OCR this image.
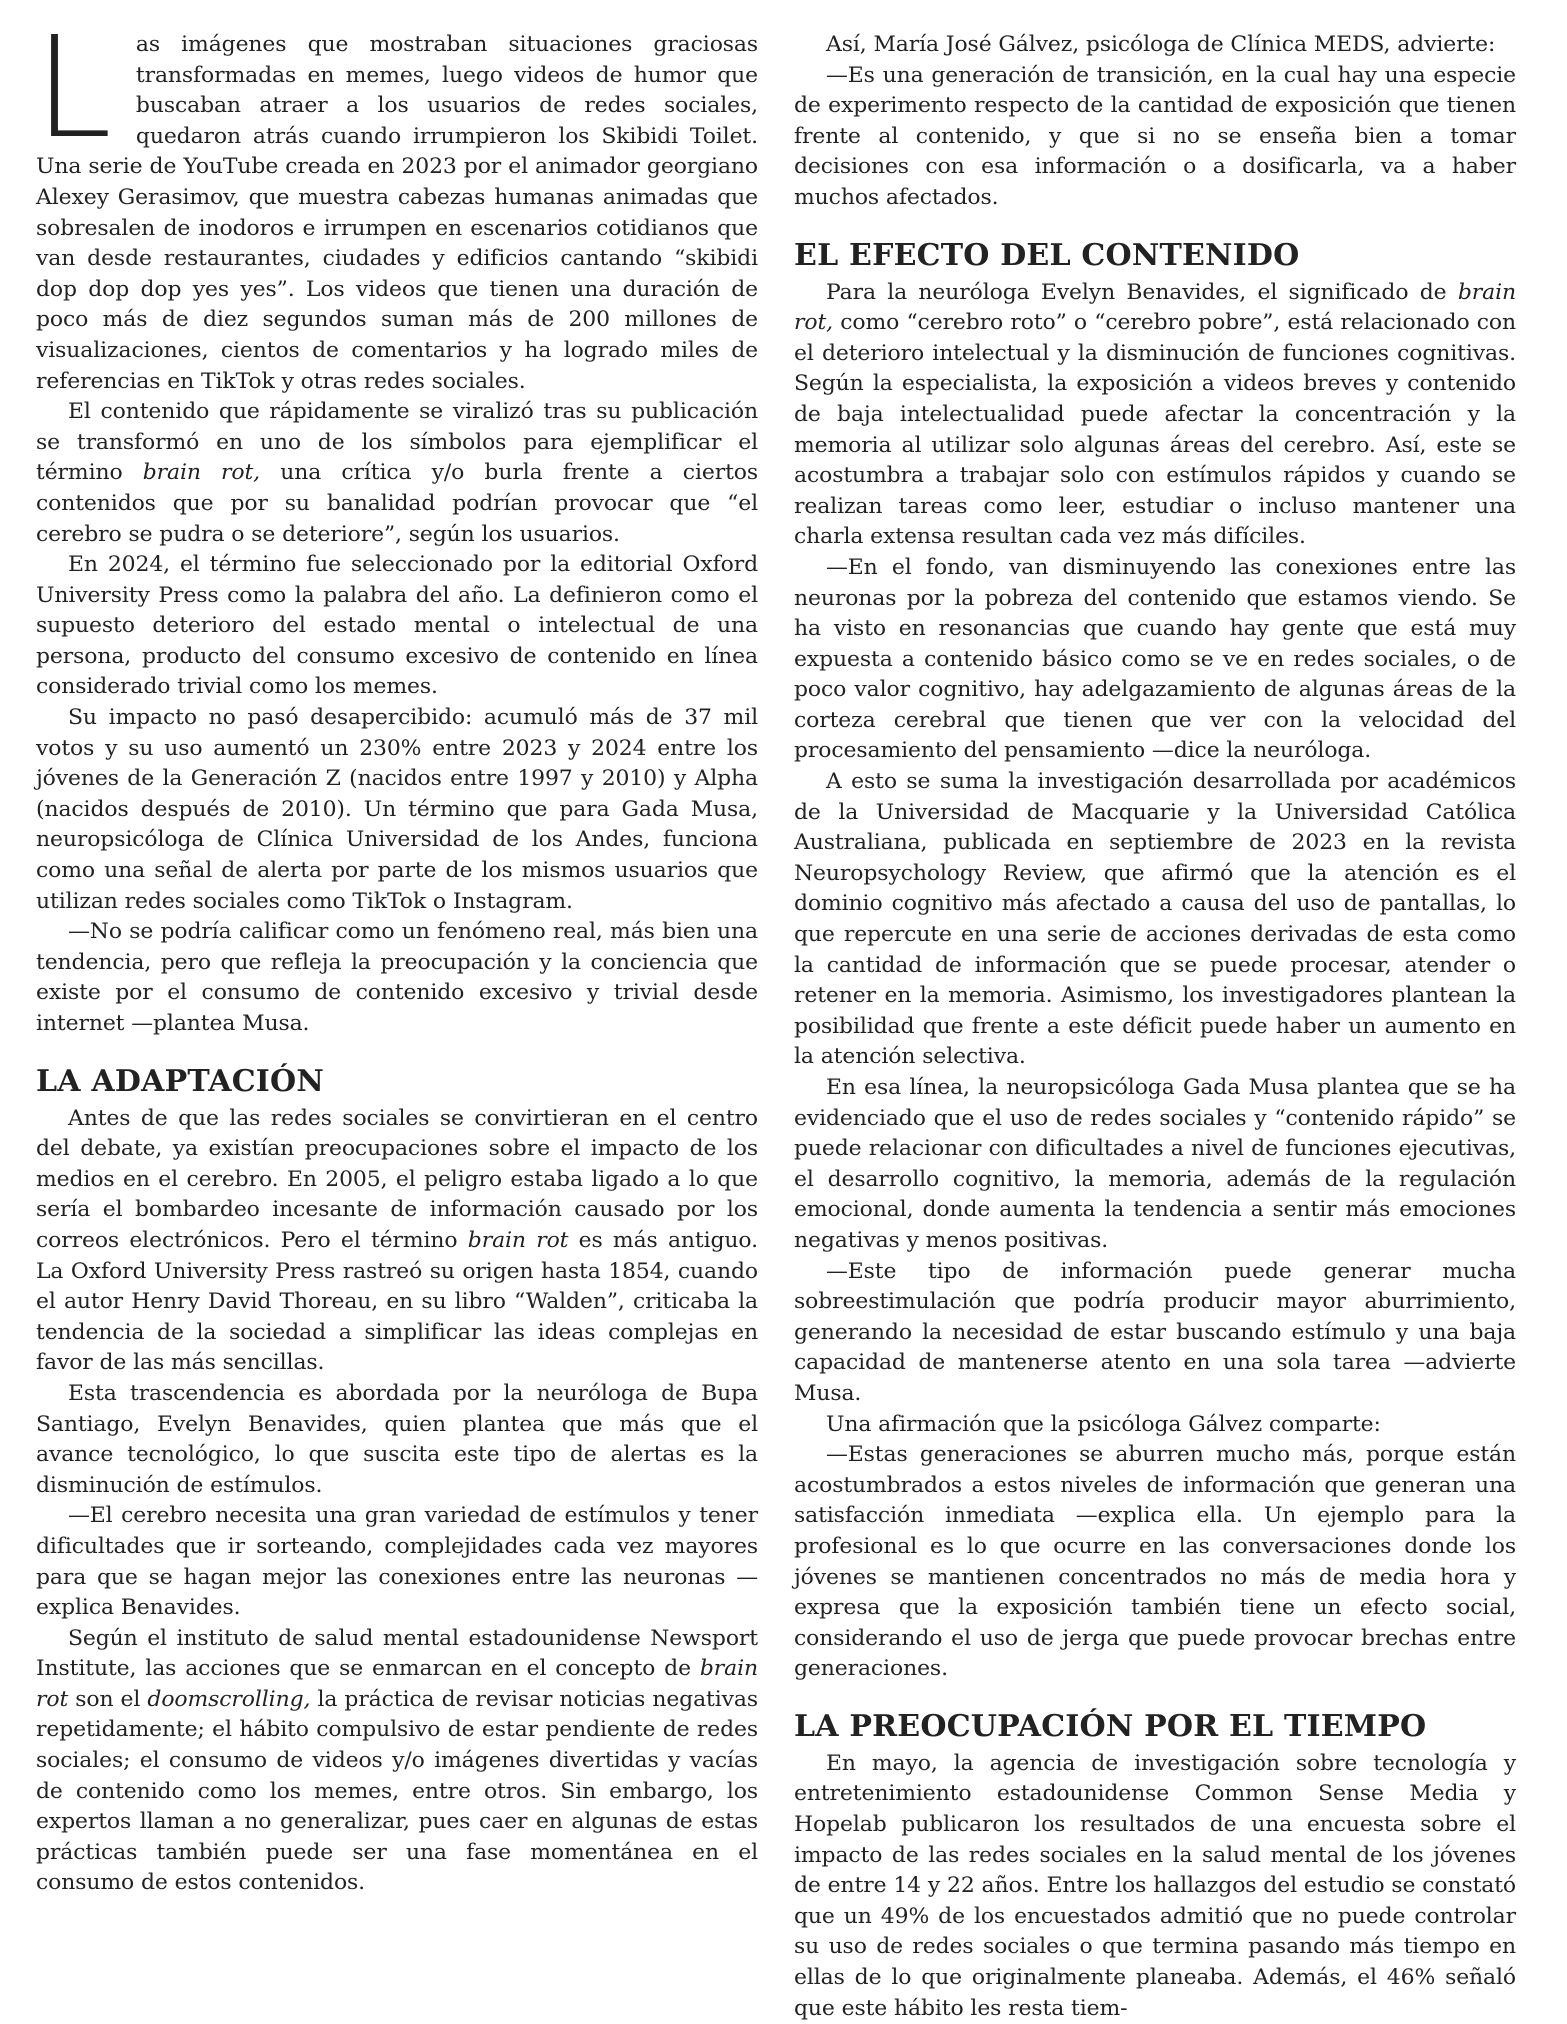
L as imágenes que mostraban situaciones graciosas transformadas en memes, luego videos de humor que buscaban atraer a los usuarios de redes sociales, quedaron atrás cuando irrumpieron los Skibidi Toilet. Una serie de YouTube creada en 2023 por el animador georgiano Alexey Gerasimov, que muestra cabezas humanas animadas que sobresalen de inodoros e irrumpen en escenarios cotidianos que van desde restaurantes, ciudades y edificios cantando “skibidi dop dop dop yes yes”. Los videos que tienen una duración de poco más de diez segundos suman más de 200 millones de visualizaciones, cientos de comentarios y ha logrado miles de referencias en TikTok y otras redes sociales.

El contenido que rápidamente se viralizó tras su publicación se transformó en uno de los símbolos para ejemplificar el término brain rot, una crítica y/o burla frente a ciertos contenidos que por su banalidad podrían provocar que “el cerebro se pudra o se deteriore”, según los usuarios.

En 2024, el término fue seleccionado por la editorial Oxford University Press como la palabra del año. La definieron como el supuesto deterioro del estado mental o intelectual de una persona, producto del consumo excesivo de contenido en línea considerado trivial como los memes.

Su impacto no pasó desapercibido: acumuló más de 37 mil votos y su uso aumentó un 230% entre 2023 y 2024 entre los jóvenes de la Generación Z (nacidos entre 1997 y 2010) y Alpha (nacidos después de 2010). Un término que para Gada Musa, neuropsicóloga de Clínica Universidad de los Andes, funciona como una señal de alerta por parte de los mismos usuarios que utilizan redes sociales como TikTok o Instagram.

—No se podría calificar como un fenómeno real, más bien una tendencia, pero que refleja la preocupación y la conciencia que existe por el consumo de contenido excesivo y trivial desde internet —plantea Musa.

LA ADAPTACIÓN

Antes de que las redes sociales se convirtieran en el centro del debate, ya existían preocupaciones sobre el impacto de los medios en el cerebro. En 2005, el peligro estaba ligado a lo que sería el bombardeo incesante de información causado por los correos electrónicos. Pero el término brain rot es más antiguo. La Oxford University Press rastreó su origen hasta 1854, cuando el autor Henry David Thoreau, en su libro “Walden”, criticaba la tendencia de la sociedad a simplificar las ideas complejas en favor de las más sencillas.

Esta trascendencia es abordada por la neuróloga de Bupa Santiago, Evelyn Benavides, quien plantea que más que el avance tecnológico, lo que suscita este tipo de alertas es la disminución de estímulos.

—El cerebro necesita una gran variedad de estímulos y tener dificultades que ir sorteando, complejidades cada vez mayores para que se hagan mejor las conexiones entre las neuronas —explica Benavides.

Según el instituto de salud mental estadounidense Newsport Institute, las acciones que se enmarcan en el concepto de brain rot son el doomscrolling, la práctica de revisar noticias negativas repetidamente; el hábito compulsivo de estar pendiente de redes sociales; el consumo de videos y/o imágenes divertidas y vacías de contenido como los memes, entre otros. Sin embargo, los expertos llaman a no generalizar, pues caer en algunas de estas prácticas también puede ser una fase momentánea en el consumo de estos contenidos.

Así, María José Gálvez, psicóloga de Clínica MEDS, advierte:

—Es una generación de transición, en la cual hay una especie de experimento respecto de la cantidad de exposición que tienen frente al contenido, y que si no se enseña bien a tomar decisiones con esa información o a dosificarla, va a haber muchos afectados.

EL EFECTO DEL CONTENIDO

Para la neuróloga Evelyn Benavides, el significado de brain rot, como “cerebro roto” o “cerebro pobre”, está relacionado con el deterioro intelectual y la disminución de funciones cognitivas. Según la especialista, la exposición a videos breves y contenido de baja intelectualidad puede afectar la concentración y la memoria al utilizar solo algunas áreas del cerebro. Así, este se acostumbra a trabajar solo con estímulos rápidos y cuando se realizan tareas como leer, estudiar o incluso mantener una charla extensa resultan cada vez más difíciles.

—En el fondo, van disminuyendo las conexiones entre las neuronas por la pobreza del contenido que estamos viendo. Se ha visto en resonancias que cuando hay gente que está muy expuesta a contenido básico como se ve en redes sociales, o de poco valor cognitivo, hay adelgazamiento de algunas áreas de la corteza cerebral que tienen que ver con la velocidad del procesamiento del pensamiento —dice la neuróloga.

A esto se suma la investigación desarrollada por académicos de la Universidad de Macquarie y la Universidad Católica Australiana, publicada en septiembre de 2023 en la revista Neuropsychology Review, que afirmó que la atención es el dominio cognitivo más afectado a causa del uso de pantallas, lo que repercute en una serie de acciones derivadas de esta como la cantidad de información que se puede procesar, atender o retener en la memoria. Asimismo, los investigadores plantean la posibilidad que frente a este déficit puede haber un aumento en la atención selectiva.

En esa línea, la neuropsicóloga Gada Musa plantea que se ha evidenciado que el uso de redes sociales y “contenido rápido” se puede relacionar con dificultades a nivel de funciones ejecutivas, el desarrollo cognitivo, la memoria, además de la regulación emocional, donde aumenta la tendencia a sentir más emociones negativas y menos positivas.

—Este tipo de información puede generar mucha sobreestimulación que podría producir mayor aburrimiento, generando la necesidad de estar buscando estímulo y una baja capacidad de mantenerse atento en una sola tarea —advierte Musa.

Una afirmación que la psicóloga Gálvez comparte:

—Estas generaciones se aburren mucho más, porque están acostumbrados a estos niveles de información que generan una satisfacción inmediata —explica ella. Un ejemplo para la profesional es lo que ocurre en las conversaciones donde los jóvenes se mantienen concentrados no más de media hora y expresa que la exposición también tiene un efecto social, considerando el uso de jerga que puede provocar brechas entre generaciones.

LA PREOCUPACIÓN POR EL TIEMPO

En mayo, la agencia de investigación sobre tecnología y entretenimiento estadounidense Common Sense Media y Hopelab publicaron los resultados de una encuesta sobre el impacto de las redes sociales en la salud mental de los jóvenes de entre 14 y 22 años. Entre los hallazgos del estudio se constató que un 49% de los encuestados admitió que no puede controlar su uso de redes sociales o que termina pasando más tiempo en ellas de lo que originalmente planeaba. Además, el 46% señaló que este hábito les resta tiem-
